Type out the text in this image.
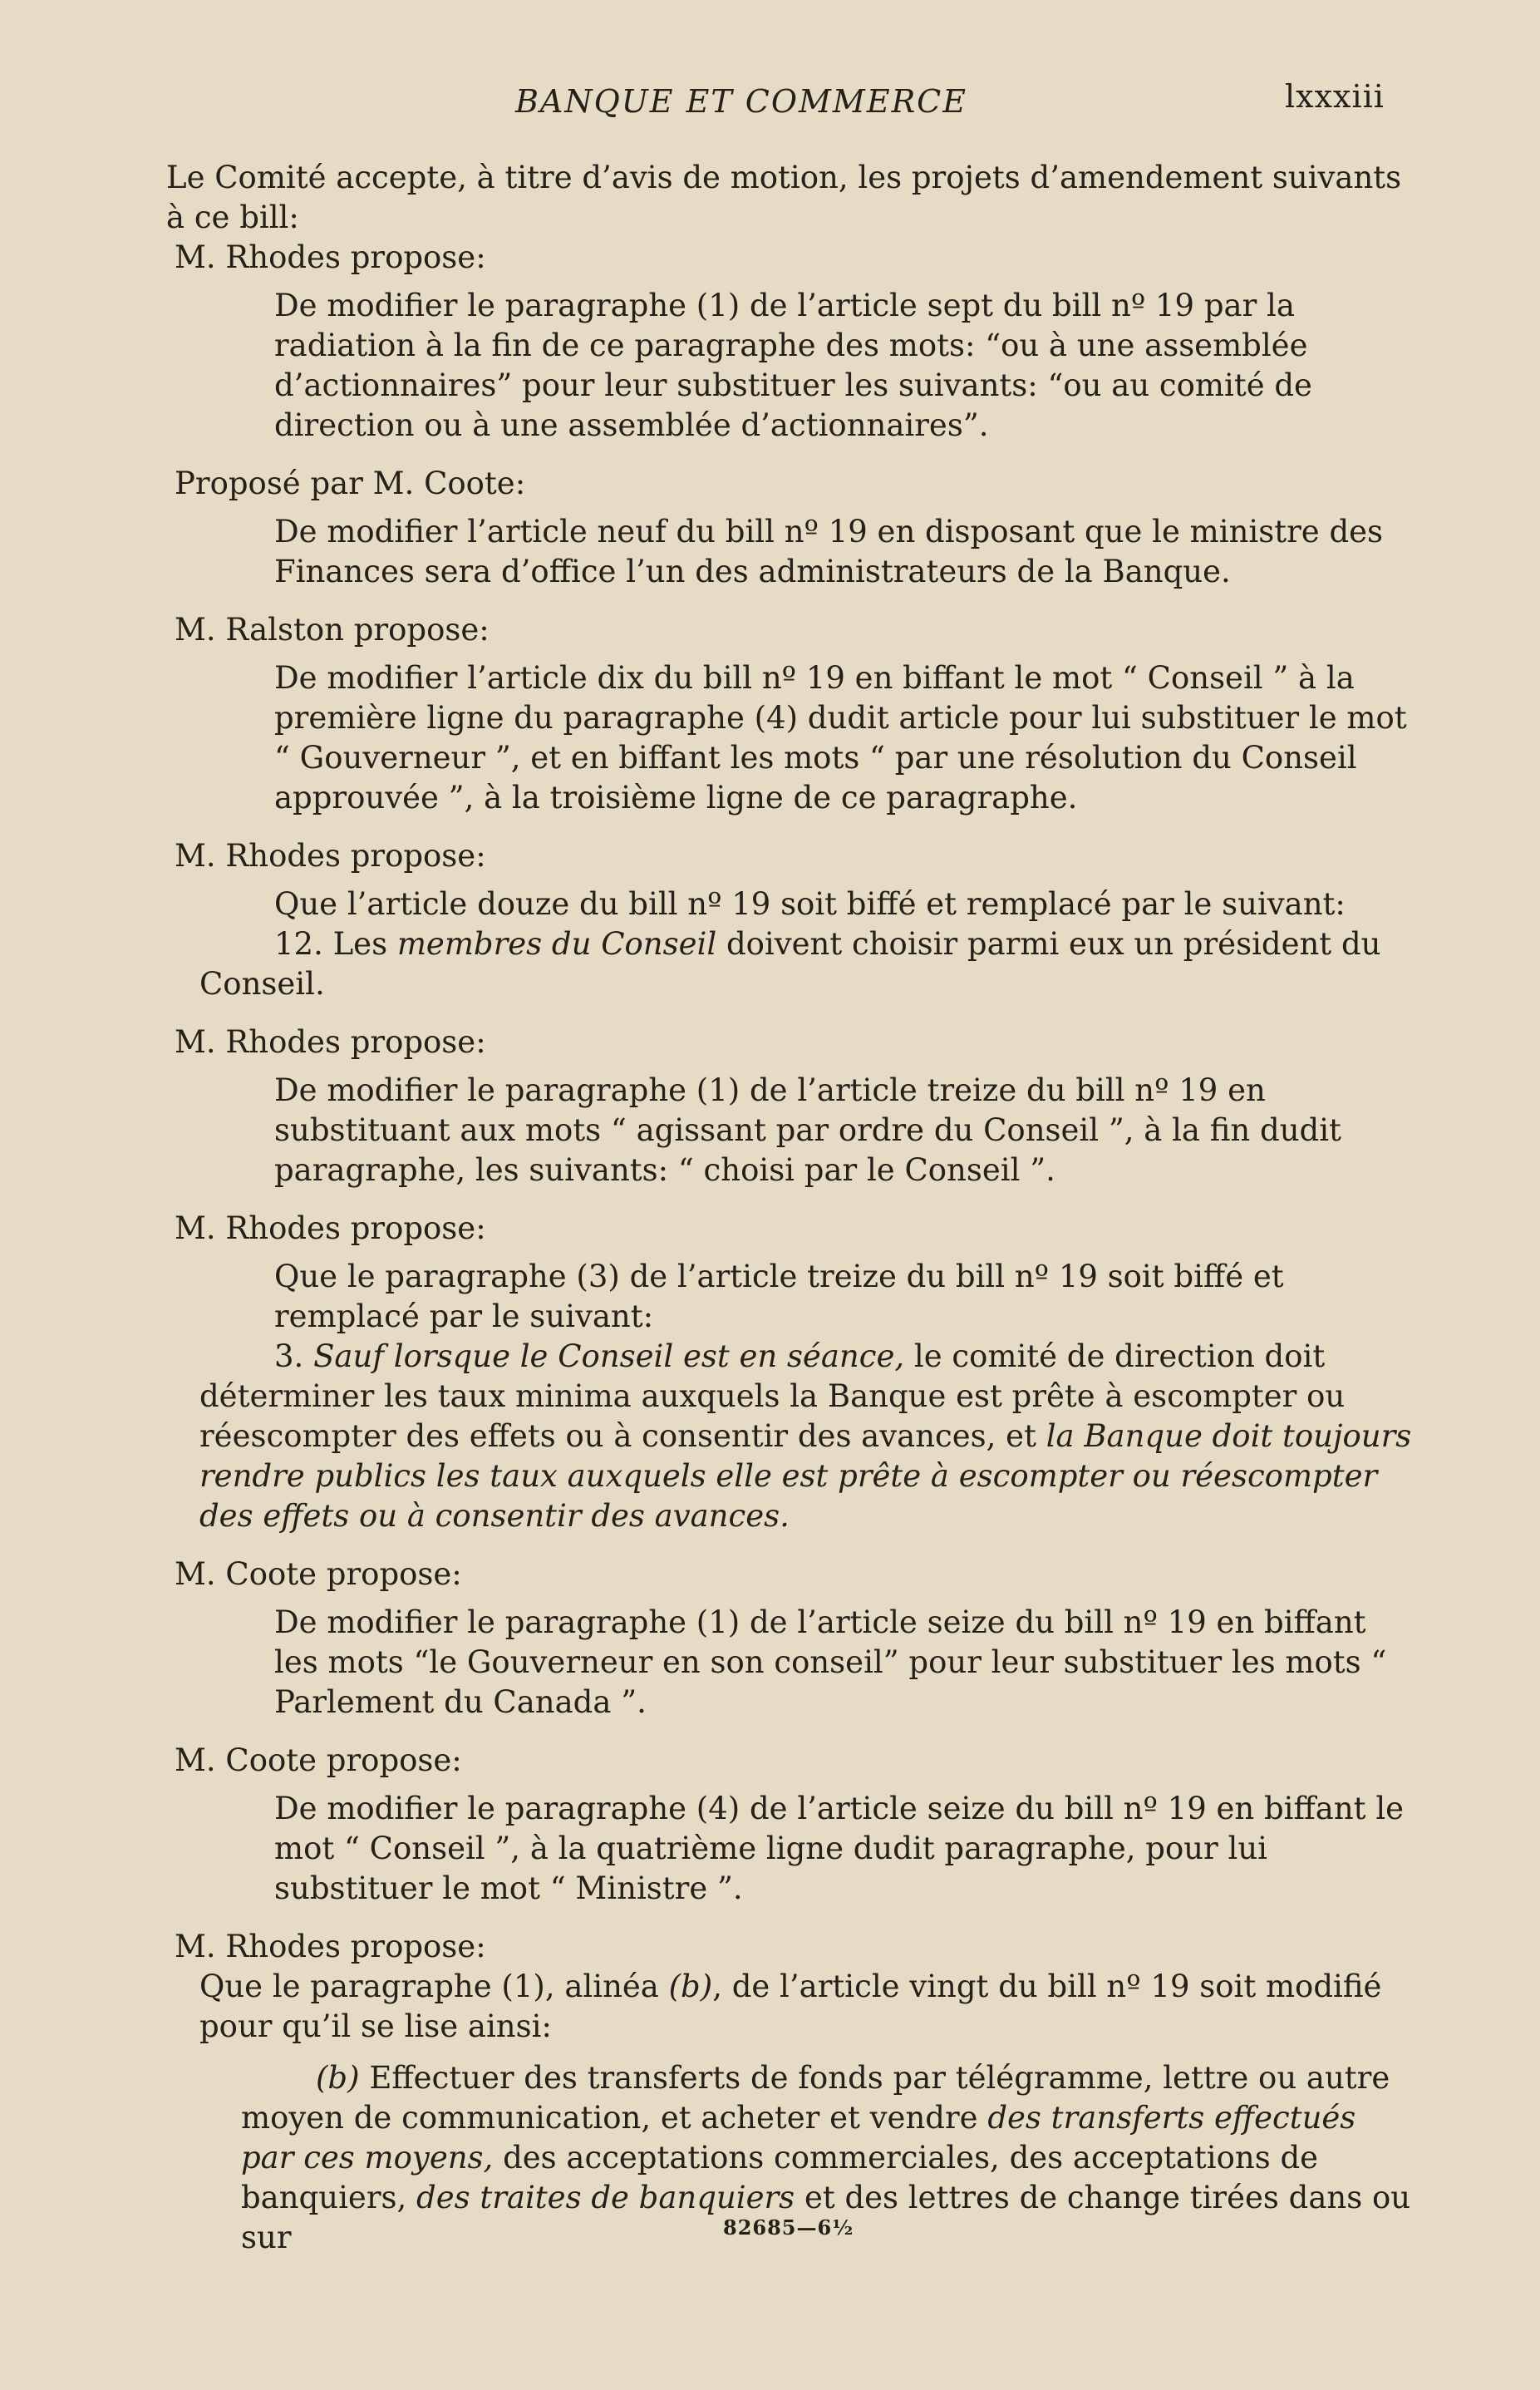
BANQUE ET COMMERCE	lxxxiii

Le Comité accepte, à titre d’avis de motion, les projets d’amendement suivants à ce bill:

M. Rhodes propose:

De modifier le paragraphe (1) de l’article sept du bill nº 19 par la radiation à la fin de ce paragraphe des mots: “ou à une assemblée d’actionnaires” pour leur substituer les suivants: “ou au comité de direction ou à une assemblée d’actionnaires”.

Proposé par M. Coote:

De modifier l’article neuf du bill nº 19 en disposant que le ministre des Finances sera d’office l’un des administrateurs de la Banque.

M. Ralston propose:

De modifier l’article dix du bill nº 19 en biffant le mot “ Conseil ” à la première ligne du paragraphe (4) dudit article pour lui substituer le mot “ Gouverneur ”, et en biffant les mots “ par une résolution du Conseil approuvée ”, à la troisième ligne de ce paragraphe.

M. Rhodes propose:

Que l’article douze du bill nº 19 soit biffé et remplacé par le suivant:

12. Les membres du Conseil doivent choisir parmi eux un président du Conseil.

M. Rhodes propose:

De modifier le paragraphe (1) de l’article treize du bill nº 19 en substituant aux mots “ agissant par ordre du Conseil ”, à la fin dudit paragraphe, les suivants: “ choisi par le Conseil ”.

M. Rhodes propose:

Que le paragraphe (3) de l’article treize du bill nº 19 soit biffé et remplacé par le suivant:

3. Sauf lorsque le Conseil est en séance, le comité de direction doit déterminer les taux minima auxquels la Banque est prête à escompter ou réescompter des effets ou à consentir des avances, et la Banque doit toujours rendre publics les taux auxquels elle est prête à escompter ou réescompter des effets ou à consentir des avances.

M. Coote propose:

De modifier le paragraphe (1) de l’article seize du bill nº 19 en biffant les mots “le Gouverneur en son conseil” pour leur substituer les mots “ Parlement du Canada ”.

M. Coote propose:

De modifier le paragraphe (4) de l’article seize du bill nº 19 en biffant le mot “ Conseil ”, à la quatrième ligne dudit paragraphe, pour lui substituer le mot “ Ministre ”.

M. Rhodes propose:

Que le paragraphe (1), alinéa (b), de l’article vingt du bill nº 19 soit modifié pour qu’il se lise ainsi:

(b) Effectuer des transferts de fonds par télégramme, lettre ou autre moyen de communication, et acheter et vendre des transferts effectués par ces moyens, des acceptations commerciales, des acceptations de banquiers, des traites de banquiers et des lettres de change tirées dans ou sur	82685—6½
